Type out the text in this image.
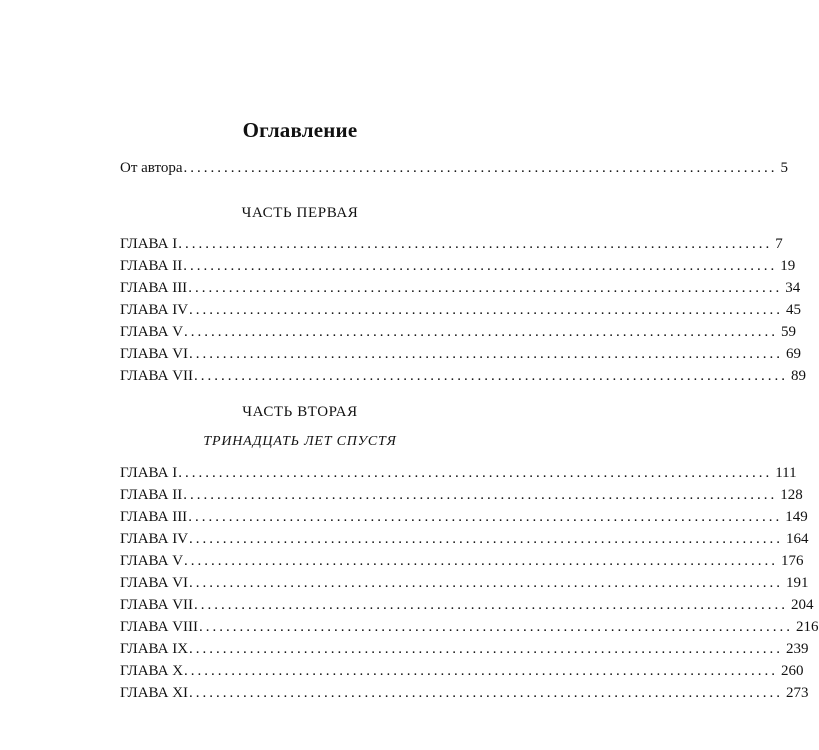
Оглавление
От автора ........................................................................................ 5
ЧАСТЬ ПЕРВАЯ
ГЛАВА I ........................................................................................ 7
ГЛАВА II ........................................................................................ 19
ГЛАВА III ........................................................................................ 34
ГЛАВА IV ........................................................................................ 45
ГЛАВА V ........................................................................................ 59
ГЛАВА VI ........................................................................................ 69
ГЛАВА VII ........................................................................................ 89
ЧАСТЬ ВТОРАЯ
ТРИНАДЦАТЬ ЛЕТ СПУСТЯ
ГЛАВА I ........................................................................................ 111
ГЛАВА II ........................................................................................ 128
ГЛАВА III ........................................................................................ 149
ГЛАВА IV ........................................................................................ 164
ГЛАВА V ........................................................................................ 176
ГЛАВА VI ........................................................................................ 191
ГЛАВА VII ........................................................................................ 204
ГЛАВА VIII ........................................................................................ 216
ГЛАВА IX ........................................................................................ 239
ГЛАВА X ........................................................................................ 260
ГЛАВА XI ........................................................................................ 273
